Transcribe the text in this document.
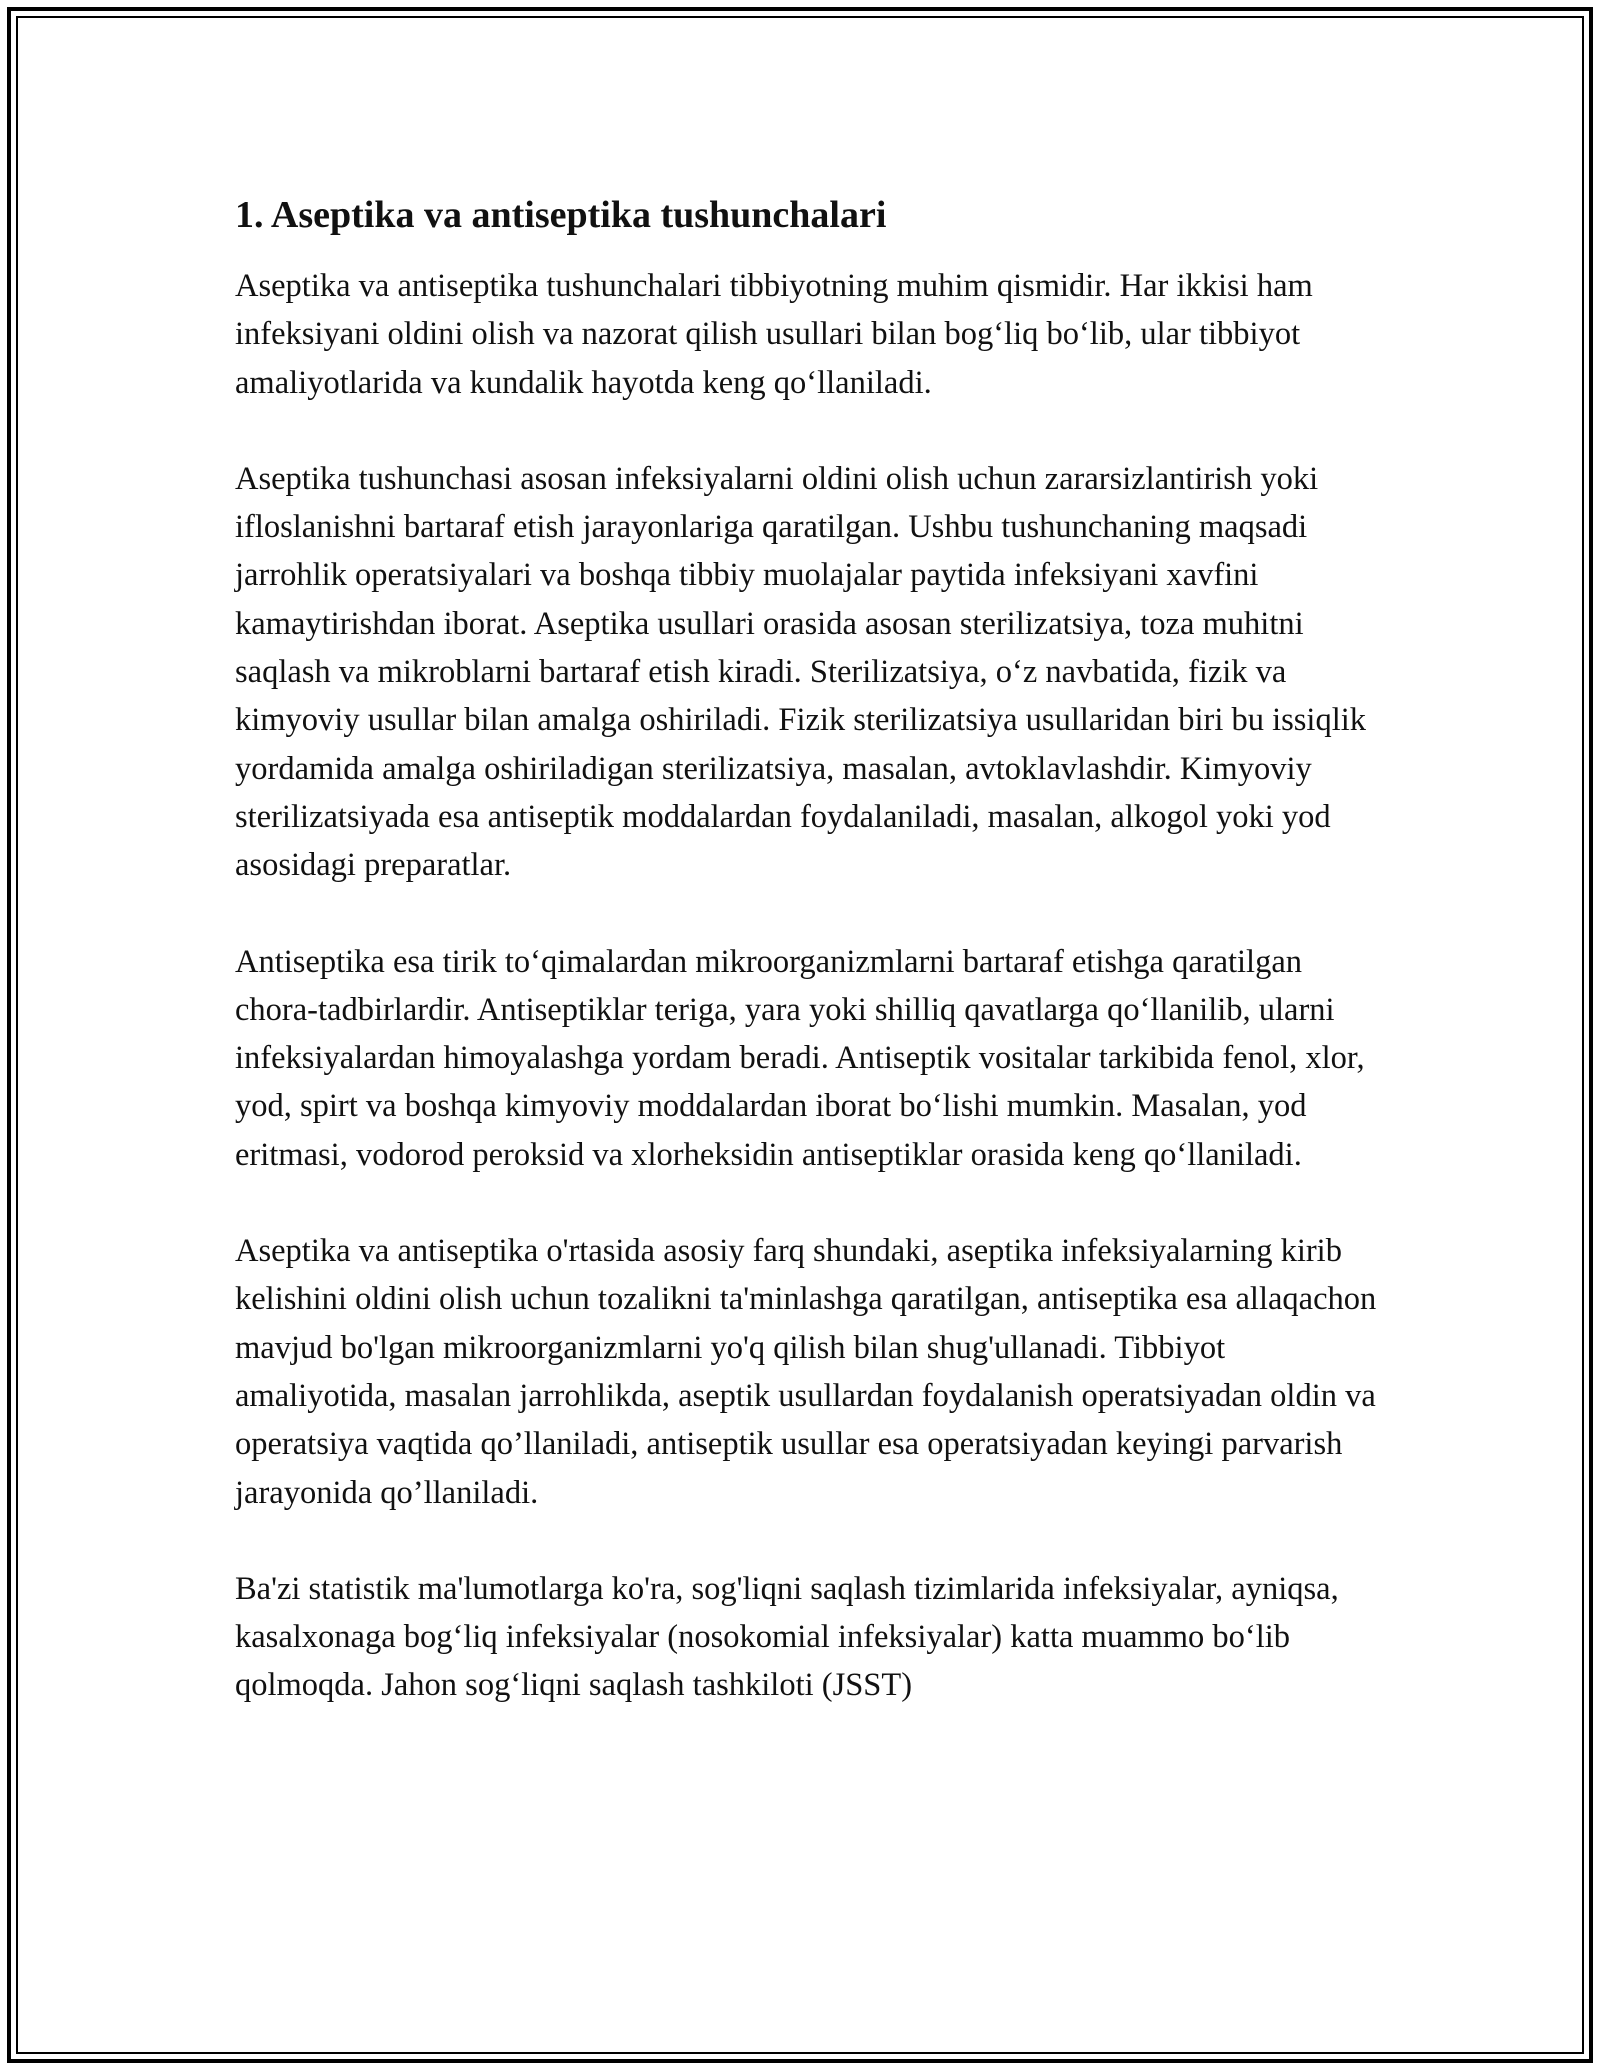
1. Aseptika va antiseptika tushunchalari

Aseptika va antiseptika tushunchalari tibbiyotning muhim qismidir. Har ikkisi ham infeksiyani oldini olish va nazorat qilish usullari bilan bog‘liq bo‘lib, ular tibbiyot amaliyotlarida va kundalik hayotda keng qo‘llaniladi.

Aseptika tushunchasi asosan infeksiyalarni oldini olish uchun zararsizlantirish yoki ifloslanishni bartaraf etish jarayonlariga qaratilgan. Ushbu tushunchaning maqsadi jarrohlik operatsiyalari va boshqa tibbiy muolajalar paytida infeksiyani xavfini kamaytirishdan iborat. Aseptika usullari orasida asosan sterilizatsiya, toza muhitni saqlash va mikroblarni bartaraf etish kiradi. Sterilizatsiya, o‘z navbatida, fizik va kimyoviy usullar bilan amalga oshiriladi. Fizik sterilizatsiya usullaridan biri bu issiqlik yordamida amalga oshiriladigan sterilizatsiya, masalan, avtoklavlashdir. Kimyoviy sterilizatsiyada esa antiseptik moddalardan foydalaniladi, masalan, alkogol yoki yod asosidagi preparatlar.

Antiseptika esa tirik to‘qimalardan mikroorganizmlarni bartaraf etishga qaratilgan chora-tadbirlardir. Antiseptiklar teriga, yara yoki shilliq qavatlarga qo‘llanilib, ularni infeksiyalardan himoyalashga yordam beradi. Antiseptik vositalar tarkibida fenol, xlor, yod, spirt va boshqa kimyoviy moddalardan iborat bo‘lishi mumkin. Masalan, yod eritmasi, vodorod peroksid va xlorheksidin antiseptiklar orasida keng qo‘llaniladi.

Aseptika va antiseptika o'rtasida asosiy farq shundaki, aseptika infeksiyalarning kirib kelishini oldini olish uchun tozalikni ta'minlashga qaratilgan, antiseptika esa allaqachon mavjud bo'lgan mikroorganizmlarni yo'q qilish bilan shug'ullanadi. Tibbiyot amaliyotida, masalan jarrohlikda, aseptik usullardan foydalanish operatsiyadan oldin va operatsiya vaqtida qo’llaniladi, antiseptik usullar esa operatsiyadan keyingi parvarish jarayonida qo’llaniladi.

Ba'zi statistik ma'lumotlarga ko'ra, sog'liqni saqlash tizimlarida infeksiyalar, ayniqsa, kasalxonaga bog‘liq infeksiyalar (nosokomial infeksiyalar) katta muammo bo‘lib qolmoqda. Jahon sog‘liqni saqlash tashkiloti (JSST)
